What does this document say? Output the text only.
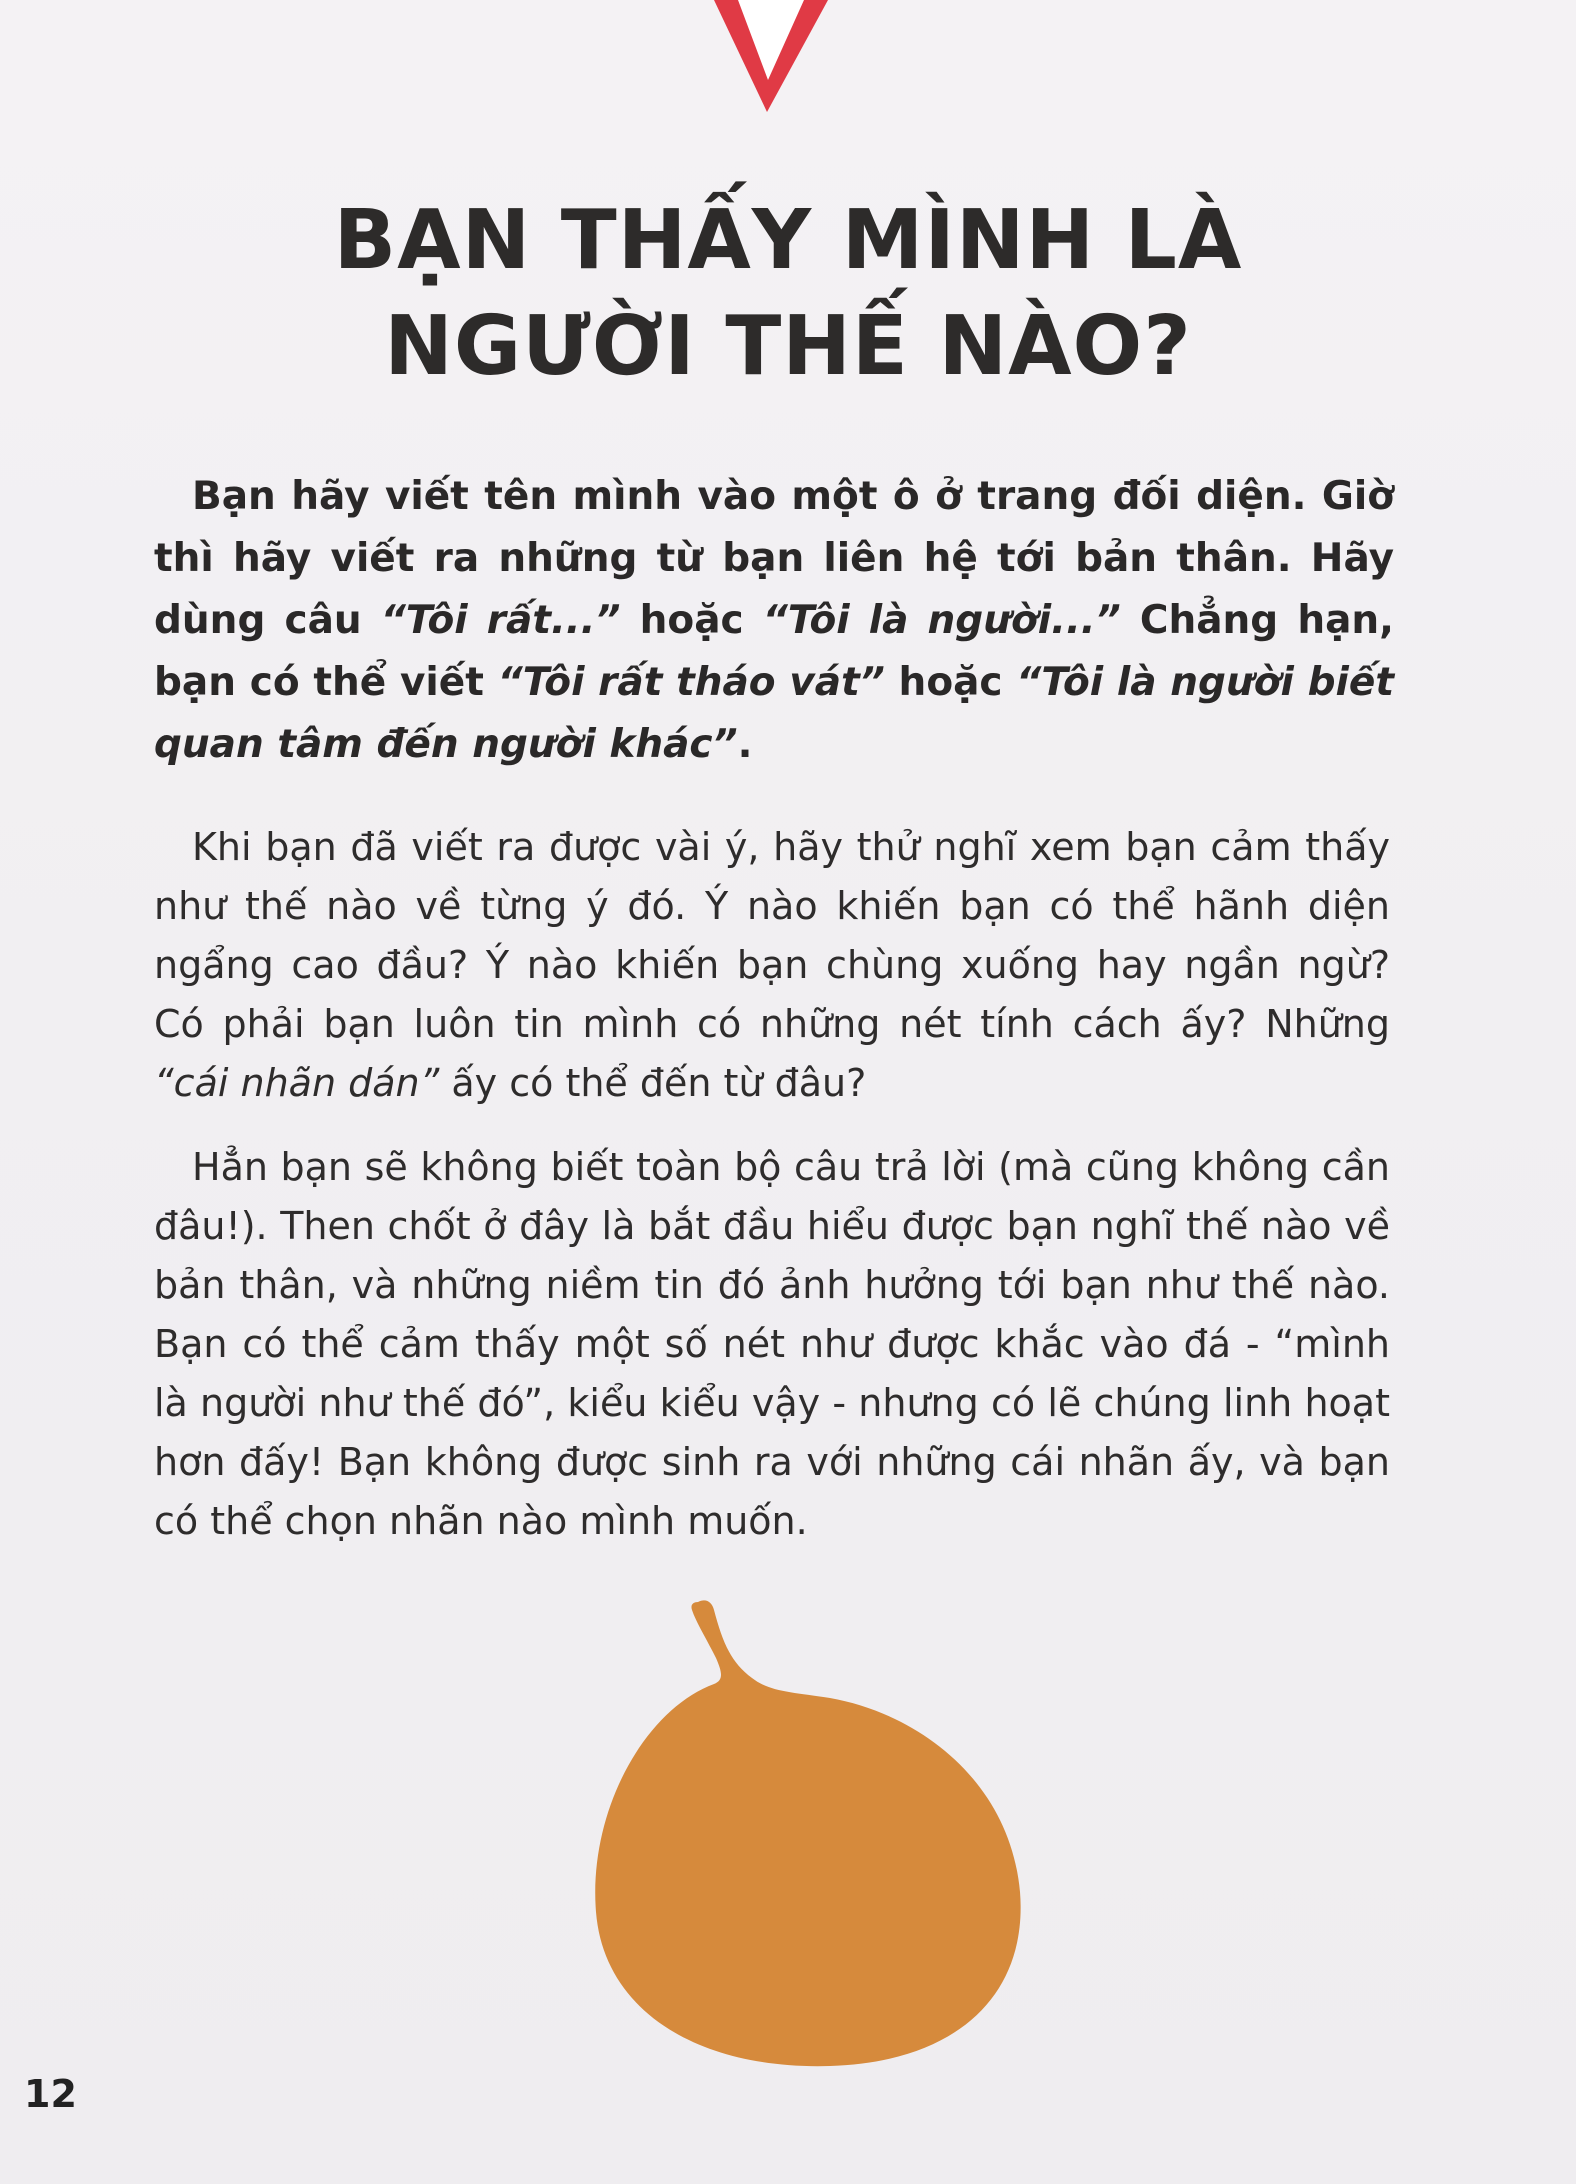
BẠN THẤY MÌNH LÀ
NGƯỜI THẾ NÀO?

Bạn hãy viết tên mình vào một ô ở trang đối diện. Giờ thì hãy viết ra những từ bạn liên hệ tới bản thân. Hãy dùng câu “Tôi rất...” hoặc “Tôi là người...” Chẳng hạn, bạn có thể viết “Tôi rất tháo vát” hoặc “Tôi là người biết quan tâm đến người khác”.

Khi bạn đã viết ra được vài ý, hãy thử nghĩ xem bạn cảm thấy như thế nào về từng ý đó. Ý nào khiến bạn có thể hãnh diện ngẩng cao đầu? Ý nào khiến bạn chùng xuống hay ngần ngừ? Có phải bạn luôn tin mình có những nét tính cách ấy? Những “cái nhãn dán” ấy có thể đến từ đâu?

Hẳn bạn sẽ không biết toàn bộ câu trả lời (mà cũng không cần đâu!). Then chốt ở đây là bắt đầu hiểu được bạn nghĩ thế nào về bản thân, và những niềm tin đó ảnh hưởng tới bạn như thế nào. Bạn có thể cảm thấy một số nét như được khắc vào đá - “mình là người như thế đó”, kiểu kiểu vậy - nhưng có lẽ chúng linh hoạt hơn đấy! Bạn không được sinh ra với những cái nhãn ấy, và bạn có thể chọn nhãn nào mình muốn.

12
